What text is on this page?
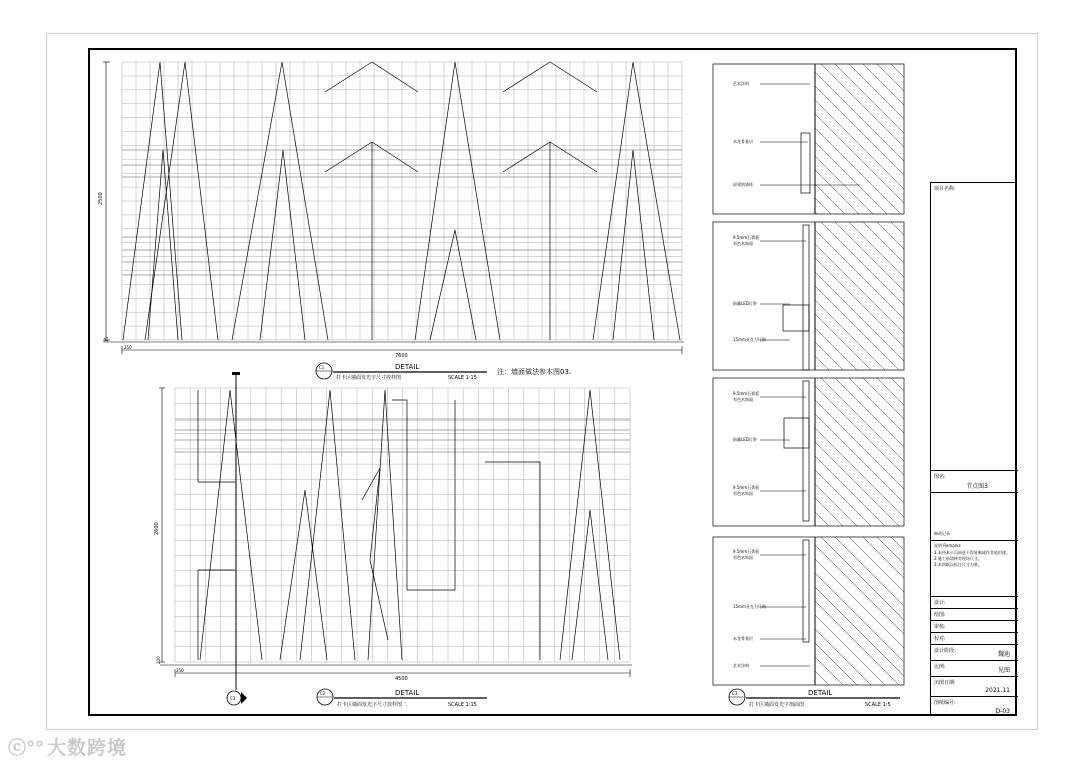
2500
7600
250
15
C1	DETAIL
打卡区墙面发光字尺寸放样图	SCALE 1:15
注：墙面做法参本图03.
2600
4500
250
200
C3
C2	DETAIL
打卡区墙面发光字尺寸放样图二	SCALE 1:15
艺术涂料
木龙骨基层
原建筑墙体
9.5mm石膏板
有色木饰面
暗藏LED灯带
15mm亚克力灯箱
9.5mm石膏板
有色木饰面
暗藏LED灯带
9.5mm石膏板
有色木饰面
9.5mm石膏板
有色木饰面
15mm亚克力灯箱
木龙骨基层
艺术涂料
C3	DETAIL
打卡区墙面发光字剖面图	SCALE 1:5
项目名称:
图名:
节点图3
修改记录
说明 Remarks
1.未经本公司同意不得复制或作其他用途。
2.施工前请核对现场尺寸。
3.本图纸以标注尺寸为准。
设计:
绘图:
审核:
校对:
设计阶段:	魏迪
比例:	见图
出图日期:
2021.11
图纸编号:
D-03
ⓒ°° 大数跨境
